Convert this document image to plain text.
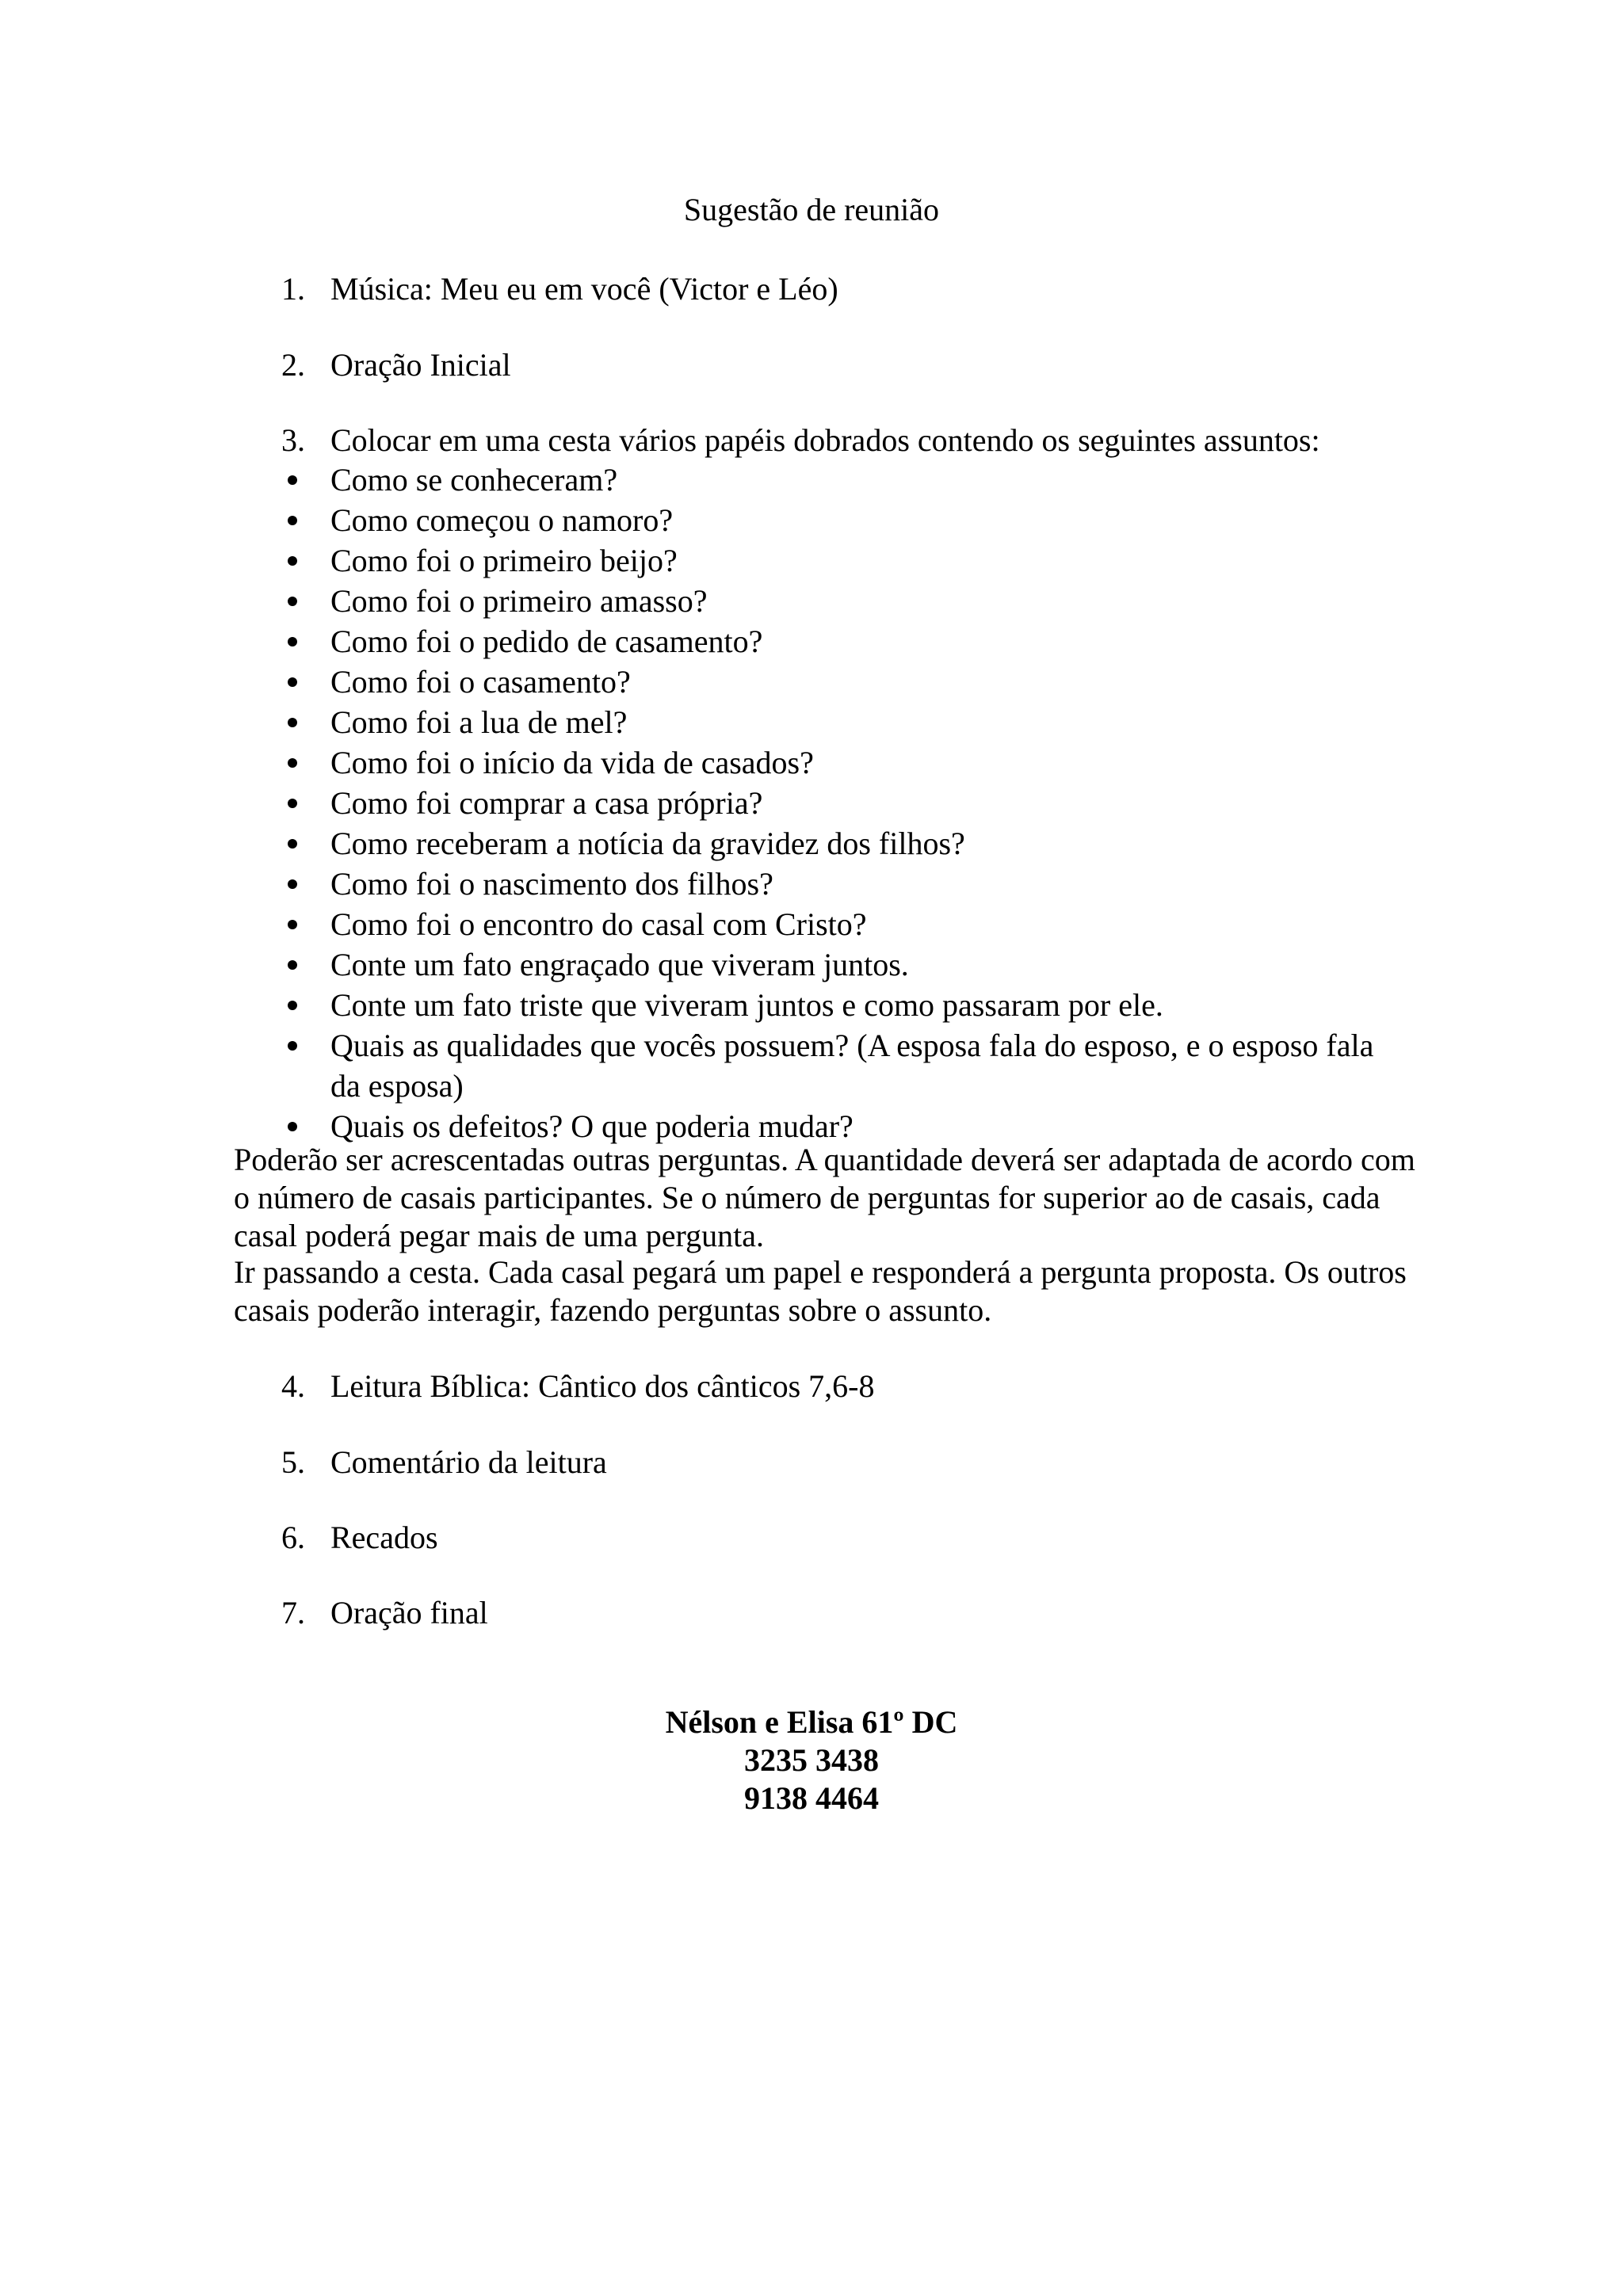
Sugestão de reunião
1. Música: Meu eu em você (Victor e Léo)
2. Oração Inicial
3. Colocar em uma cesta vários papéis dobrados contendo os seguintes assuntos:
Como se conheceram?
Como começou o namoro?
Como foi o primeiro beijo?
Como foi o primeiro amasso?
Como foi o pedido de casamento?
Como foi o casamento?
Como foi a lua de mel?
Como foi o início da vida de casados?
Como foi comprar a casa própria?
Como receberam a notícia da gravidez dos filhos?
Como foi o nascimento dos filhos?
Como foi o encontro do casal com Cristo?
Conte um fato engraçado que viveram juntos.
Conte um fato triste que viveram juntos e como passaram por ele.
Quais as qualidades que vocês possuem? (A esposa fala do esposo, e o esposo fala da esposa)
Quais os defeitos? O que poderia mudar?
Poderão ser acrescentadas outras perguntas. A quantidade deverá ser adaptada de acordo com o número de casais participantes. Se o número de perguntas for superior ao de casais, cada casal poderá pegar mais de uma pergunta.
Ir passando a cesta. Cada casal pegará um papel e responderá a pergunta proposta. Os outros casais poderão interagir, fazendo perguntas sobre o assunto.
4. Leitura Bíblica: Cântico dos cânticos 7,6-8
5. Comentário da leitura
6. Recados
7. Oração final
Nélson e Elisa 61º DC
3235 3438
9138 4464
